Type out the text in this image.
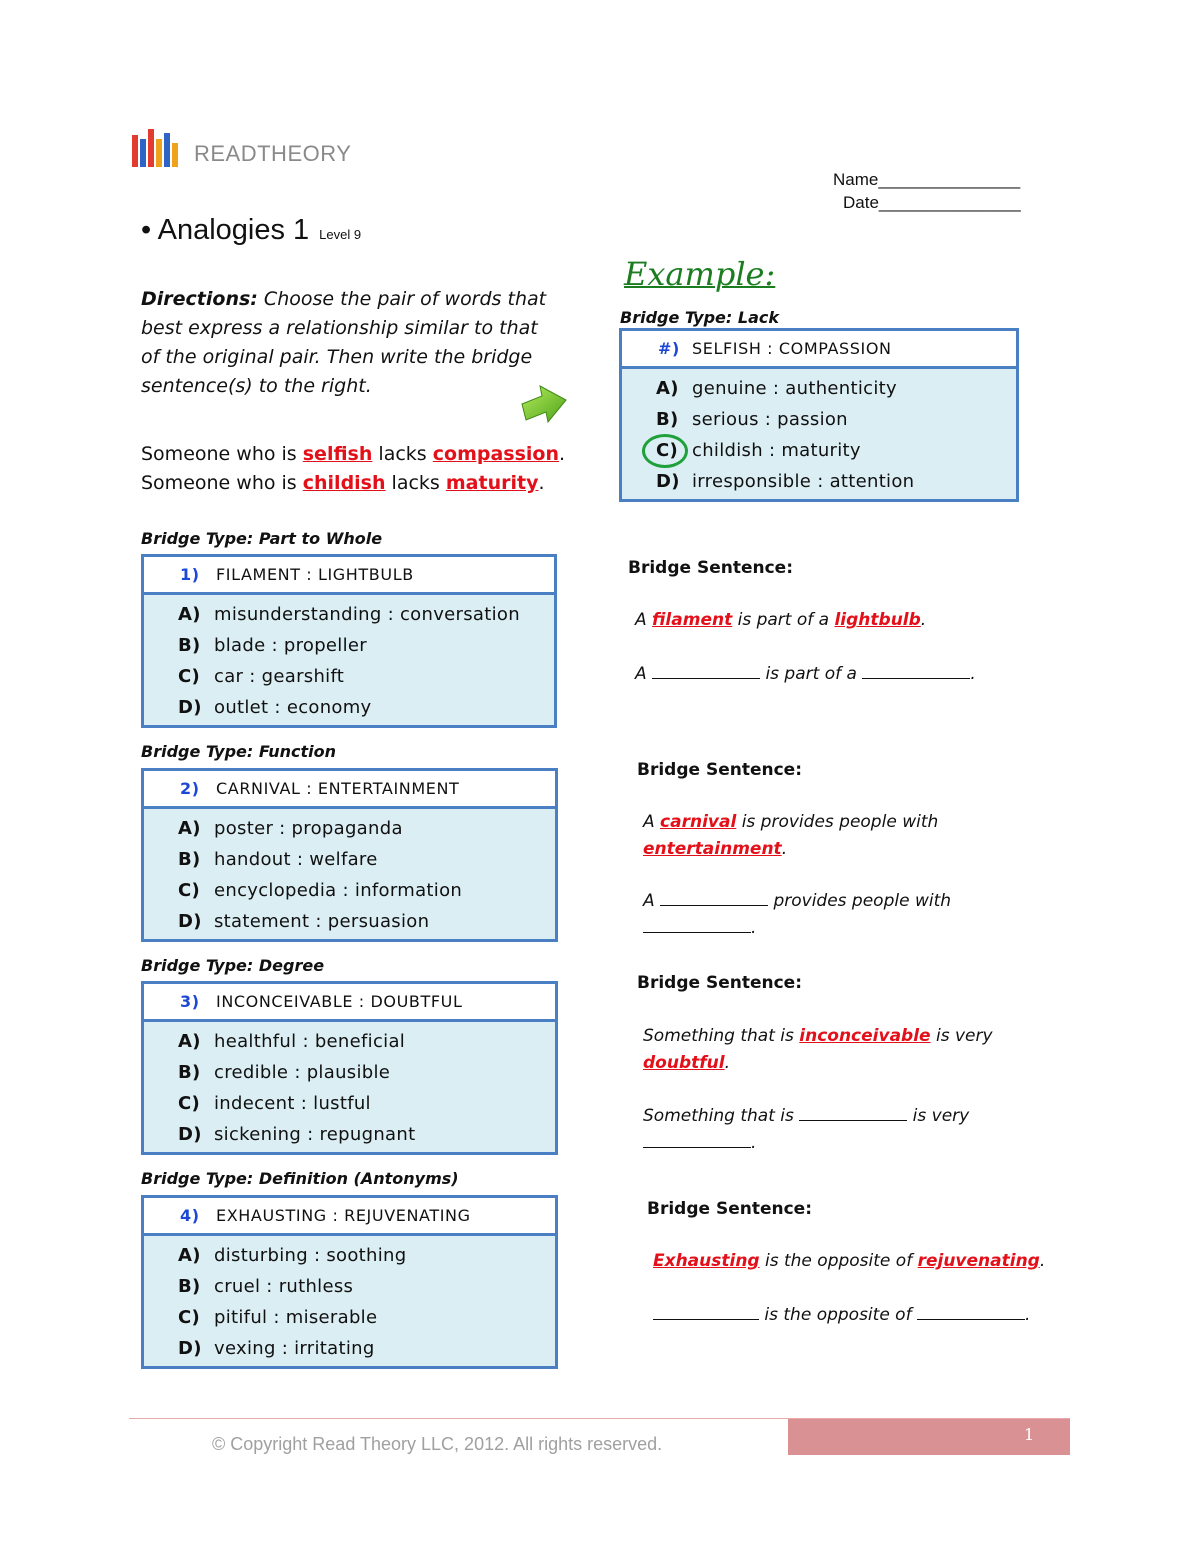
READTHEORY
Name_______________
Date_______________
• Analogies 1 Level 9
Directions: Choose the pair of words that best express a relationship similar to that of the original pair. Then write the bridge sentence(s) to the right.
Someone who is selfish lacks compassion.
Someone who is childish lacks maturity.
Example:
Bridge Type: Lack
#) SELFISH : COMPASSION
A) genuine : authenticity
B) serious : passion
C) childish : maturity
D) irresponsible : attention
Bridge Type: Part to Whole
1)	FILAMENT : LIGHTBULB
A) misunderstanding : conversation
B) blade : propeller
C) car : gearshift
D) outlet : economy
Bridge Type: Function
2)	CARNIVAL : ENTERTAINMENT
A) poster : propaganda
B) handout : welfare
C) encyclopedia : information
D) statement : persuasion
Bridge Type: Degree
3)	INCONCEIVABLE : DOUBTFUL
A) healthful : beneficial
B) credible : plausible
C) indecent : lustful
D) sickening : repugnant
Bridge Type: Definition (Antonyms)
4)	EXHAUSTING : REJUVENATING
A) disturbing : soothing
B) cruel : ruthless
C) pitiful : miserable
D) vexing : irritating
Bridge Sentence:
A filament is part of a lightbulb.
A	is part of a	.
Bridge Sentence:
A carnival is provides people with
entertainment.
A	provides people with
.
Bridge Sentence:
Something that is inconceivable is very
doubtful.
Something that is	is very
.
Bridge Sentence:
Exhausting is the opposite of rejuvenating.
is the opposite of	.
1
© Copyright Read Theory LLC, 2012. All rights reserved.
